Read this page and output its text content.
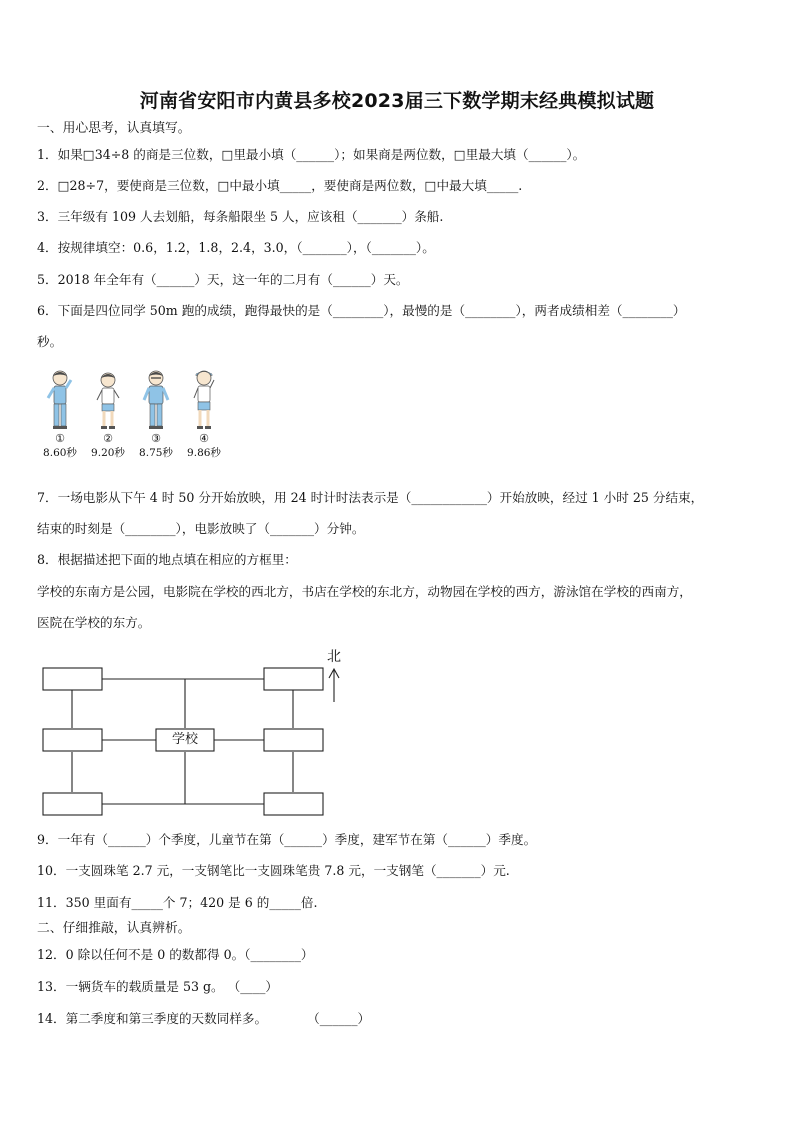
河南省安阳市内黄县多校2023届三下数学期末经典模拟试题
一、用心思考，认真填写。
1．如果□34÷8 的商是三位数，□里最小填（______）；如果商是两位数，□里最大填（______）。
2．□28÷7，要使商是三位数，□中最小填_____，要使商是两位数，□中最大填_____.
3．三年级有 109 人去划船，每条船限坐 5 人，应该租（_______）条船.
4．按规律填空：0.6，1.2，1.8，2.4，3.0，（_______），（_______）。
5．2018 年全年有（______）天，这一年的二月有（______）天。
6．下面是四位同学 50m 跑的成绩，跑得最快的是（________），最慢的是（________），两者成绩相差（________）
秒。
①
8.60秒
②
9.20秒
③
8.75秒
④
9.86秒
7．一场电影从下午 4 时 50 分开始放映，用 24 时计时法表示是（____________）开始放映，经过 1 小时 25 分结束，
结束的时刻是（________），电影放映了（_______）分钟。
8．根据描述把下面的地点填在相应的方框里：
学校的东南方是公园，电影院在学校的西北方，书店在学校的东北方，动物园在学校的西方，游泳馆在学校的西南方，
医院在学校的东方。
学校
北
9．一年有（______）个季度，儿童节在第（______）季度，建军节在第（______）季度。
10．一支圆珠笔 2.7 元，一支钢笔比一支圆珠笔贵 7.8 元，一支钢笔（_______）元.
11．350 里面有_____个 7；420 是 6 的_____倍.
二、仔细推敲，认真辨析。
12．0 除以任何不是 0 的数都得 0。（________）
13．一辆货车的载质量是 53 g。 （____）
14．第二季度和第三季度的天数同样多。          （______）
